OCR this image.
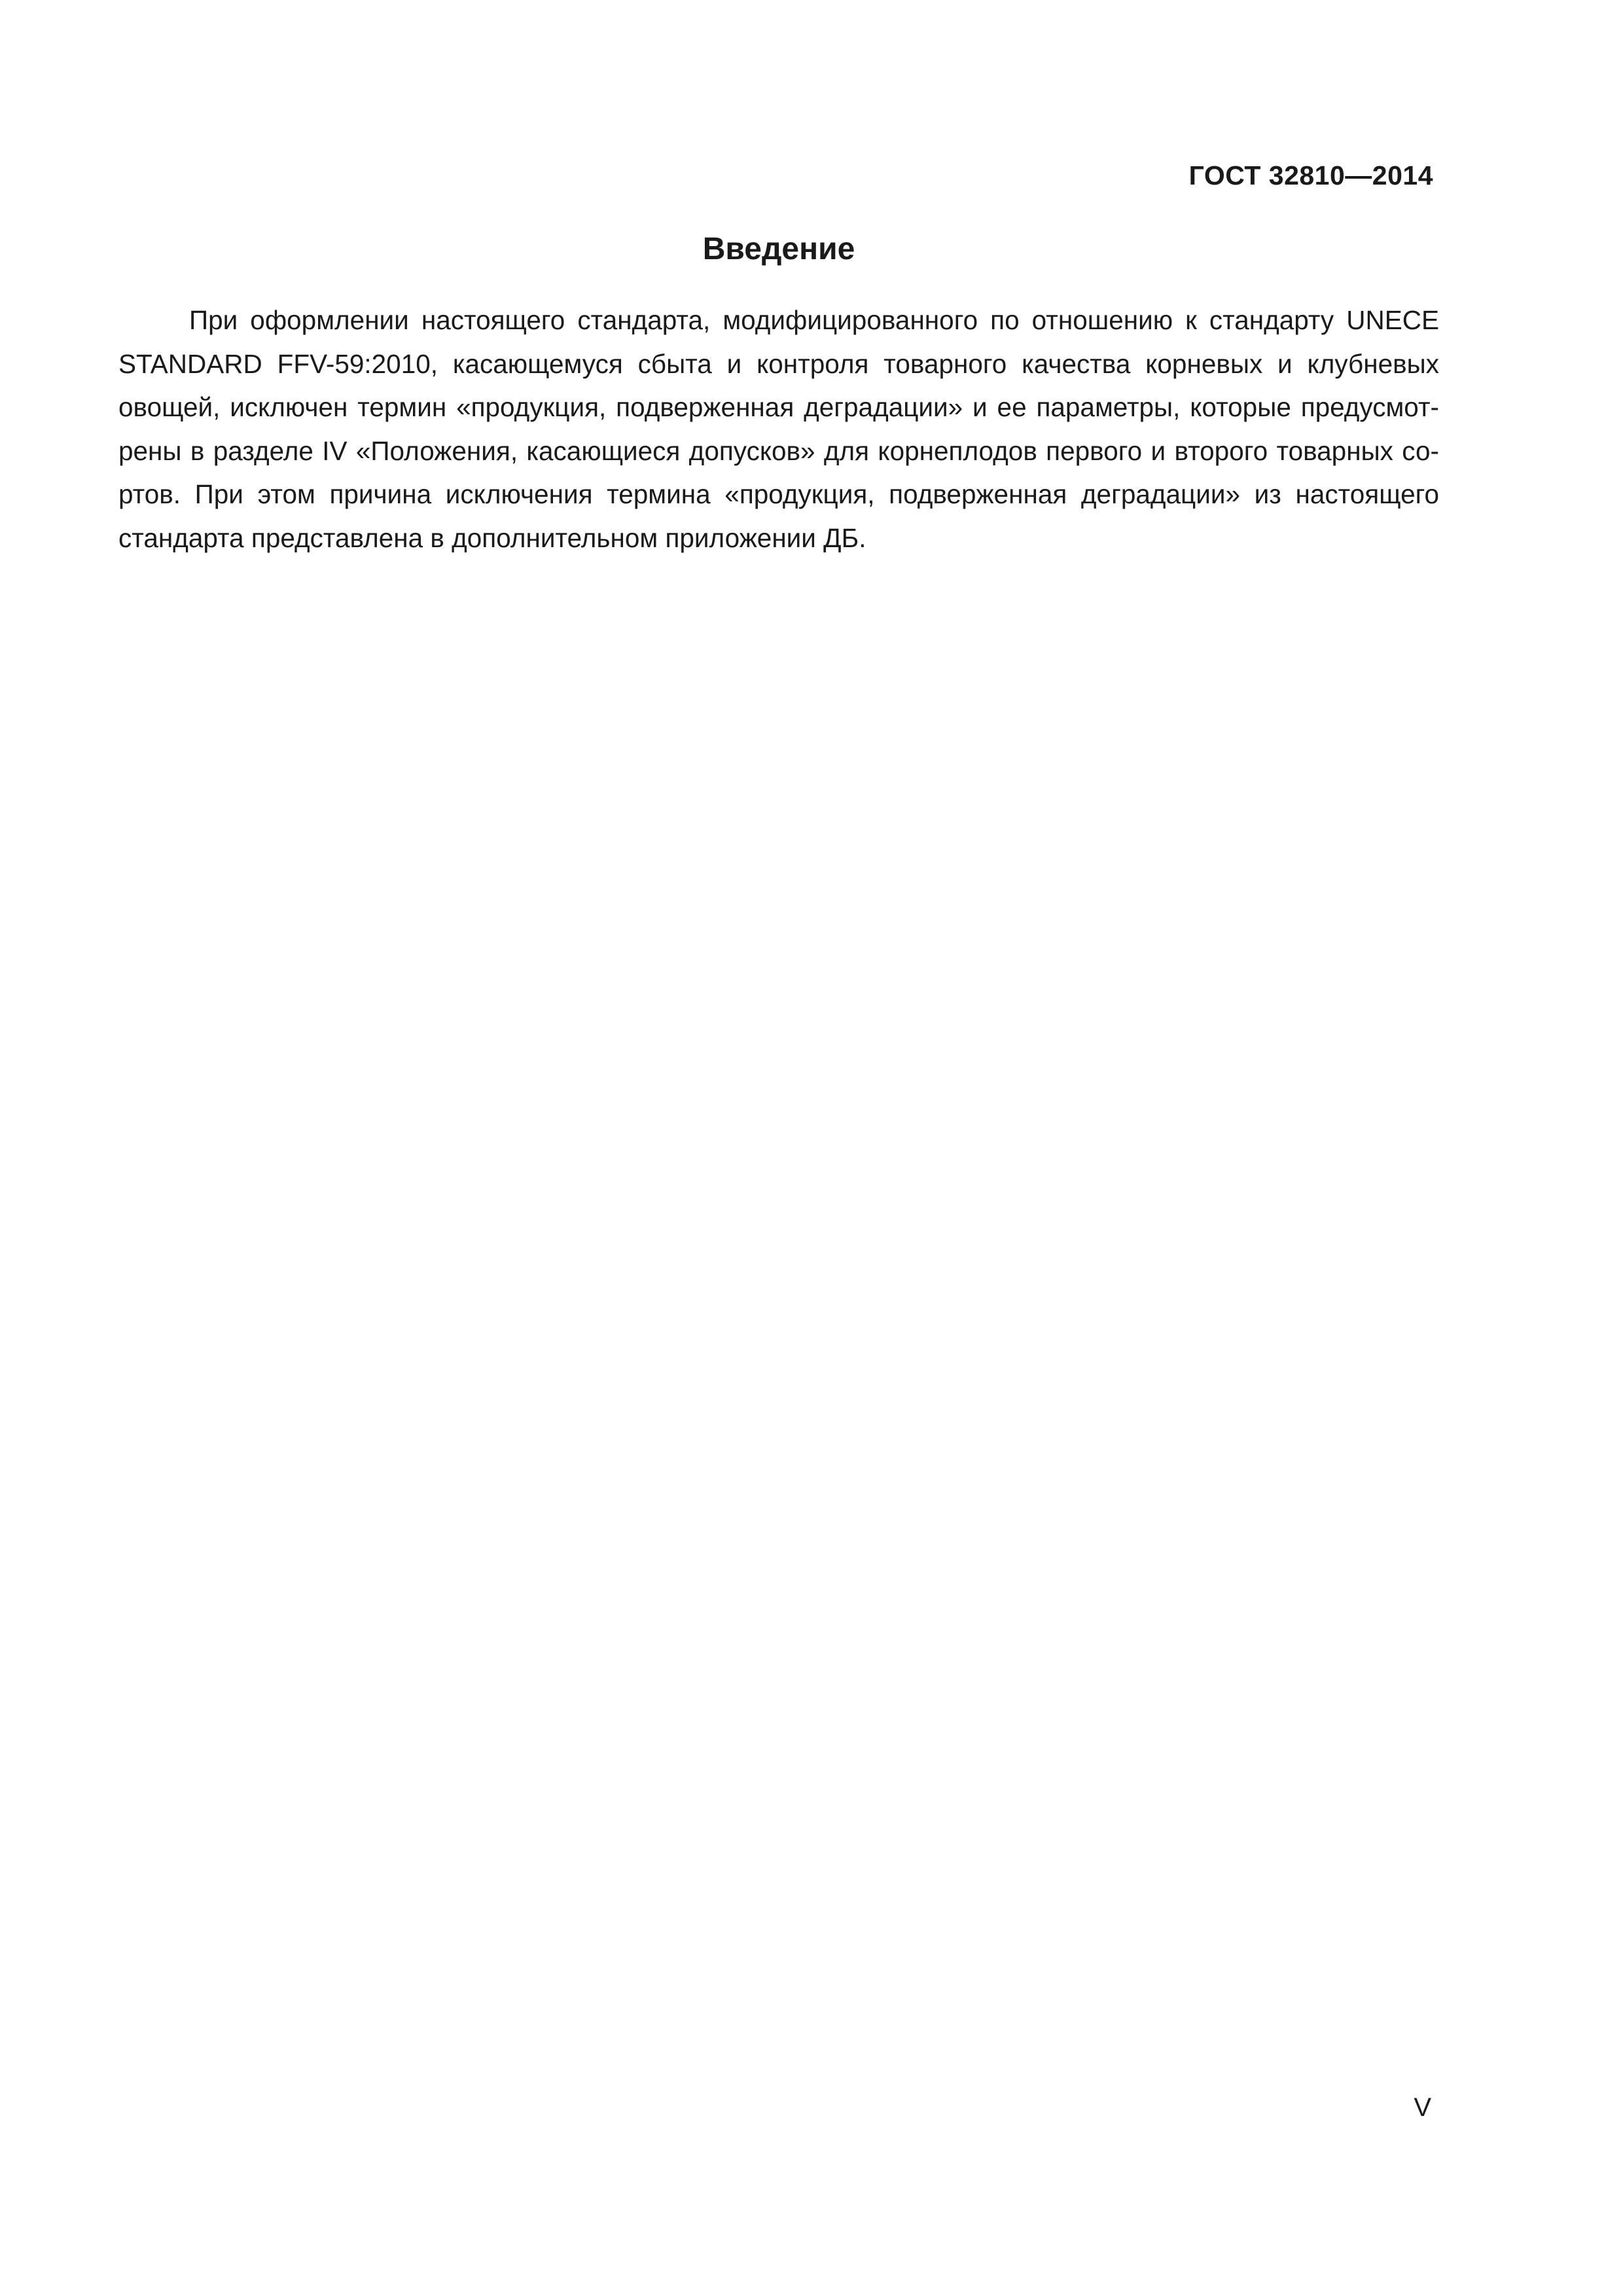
ГОСТ 32810—2014
Введение

При оформлении настоящего стандарта, модифицированного по отношению к стандарту UNECE STANDARD FFV-59:2010, касающемуся сбыта и контроля товарного качества корневых и клубневых овощей, исключен термин «продукция, подверженная деградации» и ее параметры, которые предусмотрены в разделе IV «Положения, касающиеся допусков» для корнеплодов первого и второго товарных сортов. При этом причина исключения термина «продукция, подверженная деградации» из настоящего стандарта представлена в дополнительном приложении ДБ.

V
